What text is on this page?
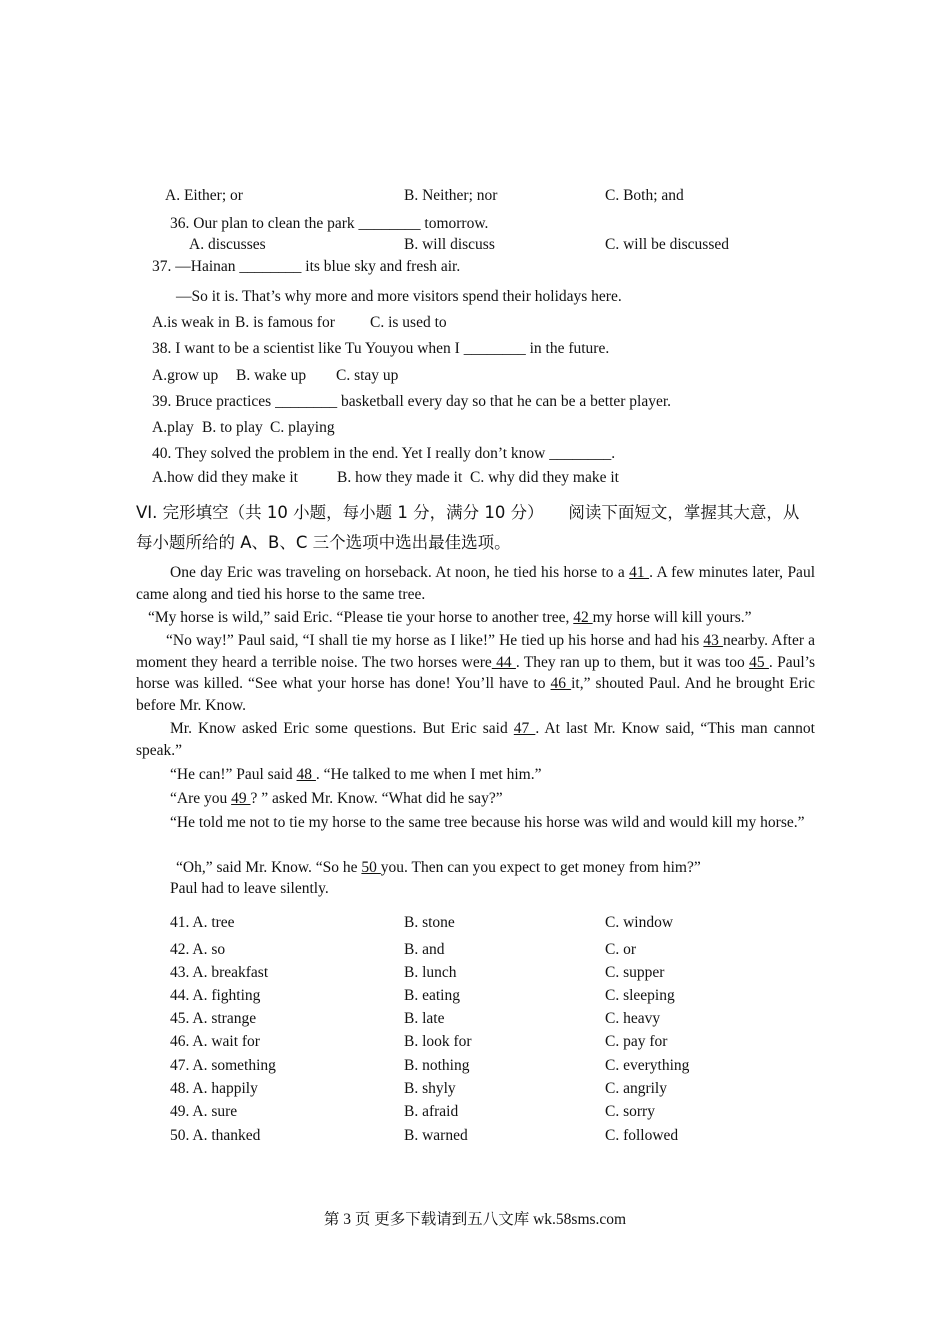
A. Either; or	B. Neither; nor	C. Both; and
36. Our plan to clean the park ________ tomorrow.
A. discusses	B. will discuss	C. will be discussed
37. —Hainan ________ its blue sky and fresh air.
—So it is. That’s why more and more visitors spend their holidays here.
A.is weak in B. is famous for C. is used to
38. I want to be a scientist like Tu Youyou when I ________ in the future.
A.grow up B. wake up C. stay up
39. Bruce practices ________ basketball every day so that he can be a better player.
A.play B. to play C. playing
40. They solved the problem in the end. Yet I really don’t know ________.
A.how did they make it	B. how they made it C. why did they make it
VI. 完形填空（共 10 小题，每小题 1 分，满分 10 分）　　阅读下面短文，掌握其大意，从
每小题所给的 A、B、C 三个选项中选出最佳选项。
One day Eric was traveling on horseback. At noon, he tied his horse to a 41 . A few minutes later, Paul came along and tied his horse to the same tree.
“My horse is wild,” said Eric. “Please tie your horse to another tree, 42 my horse will kill yours.”
“No way!” Paul said, “I shall tie my horse as I like!” He tied up his horse and had his 43 nearby. After a moment they heard a terrible noise. The two horses were 44 . They ran up to them, but it was too 45 . Paul’s horse was killed. “See what your horse has done! You’ll have to 46 it,” shouted Paul. And he brought Eric before Mr. Know.
Mr. Know asked Eric some questions. But Eric said 47 . At last Mr. Know said, “This man cannot speak.”
“He can!” Paul said 48 . “He talked to me when I met him.”
“Are you 49 ? ” asked Mr. Know. “What did he say?”
“He told me not to tie my horse to the same tree because his horse was wild and would kill my horse.”
“Oh,” said Mr. Know. “So he 50 you. Then can you expect to get money from him?”
Paul had to leave silently.
41. A. tree	B. stone	C. window
42. A. so	B. and	C. or
43. A. breakfast	B. lunch	C. supper
44. A. fighting	B. eating	C. sleeping
45. A. strange	B. late	C. heavy
46. A. wait for	B. look for	C. pay for
47. A. something	B. nothing	C. everything
48. A. happily	B. shyly	C. angrily
49. A. sure	B. afraid	C. sorry
50. A. thanked	B. warned	C. followed
第 3 页 更多下载请到五八文库 wk.58sms.com
